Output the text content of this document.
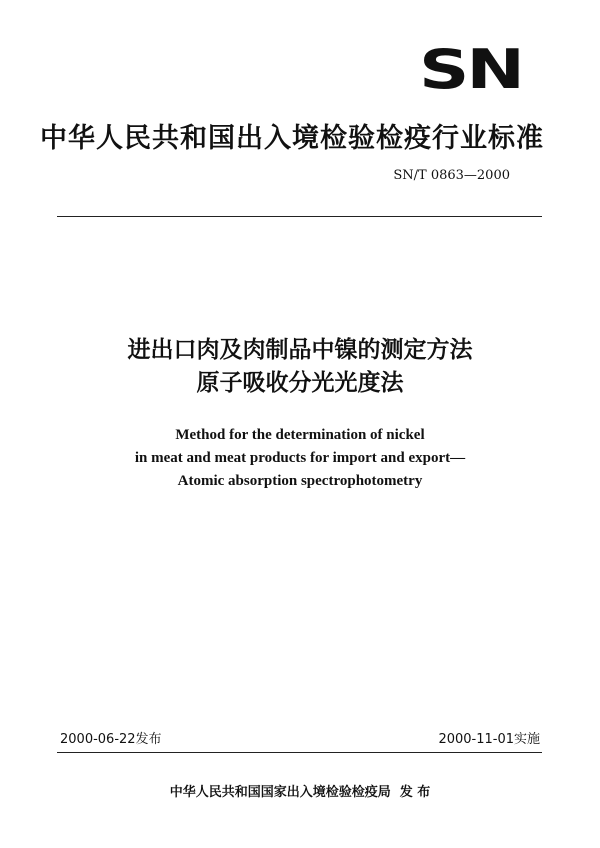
SN
中华人民共和国出入境检验检疫行业标准
SN/T 0863—2000
进出口肉及肉制品中镍的测定方法
原子吸收分光光度法
Method for the determination of nickel
in meat and meat products for import and export—
Atomic absorption spectrophotometry
2000-06-22发布	2000-11-01实施
中华人民共和国国家出入境检验检疫局  发 布
